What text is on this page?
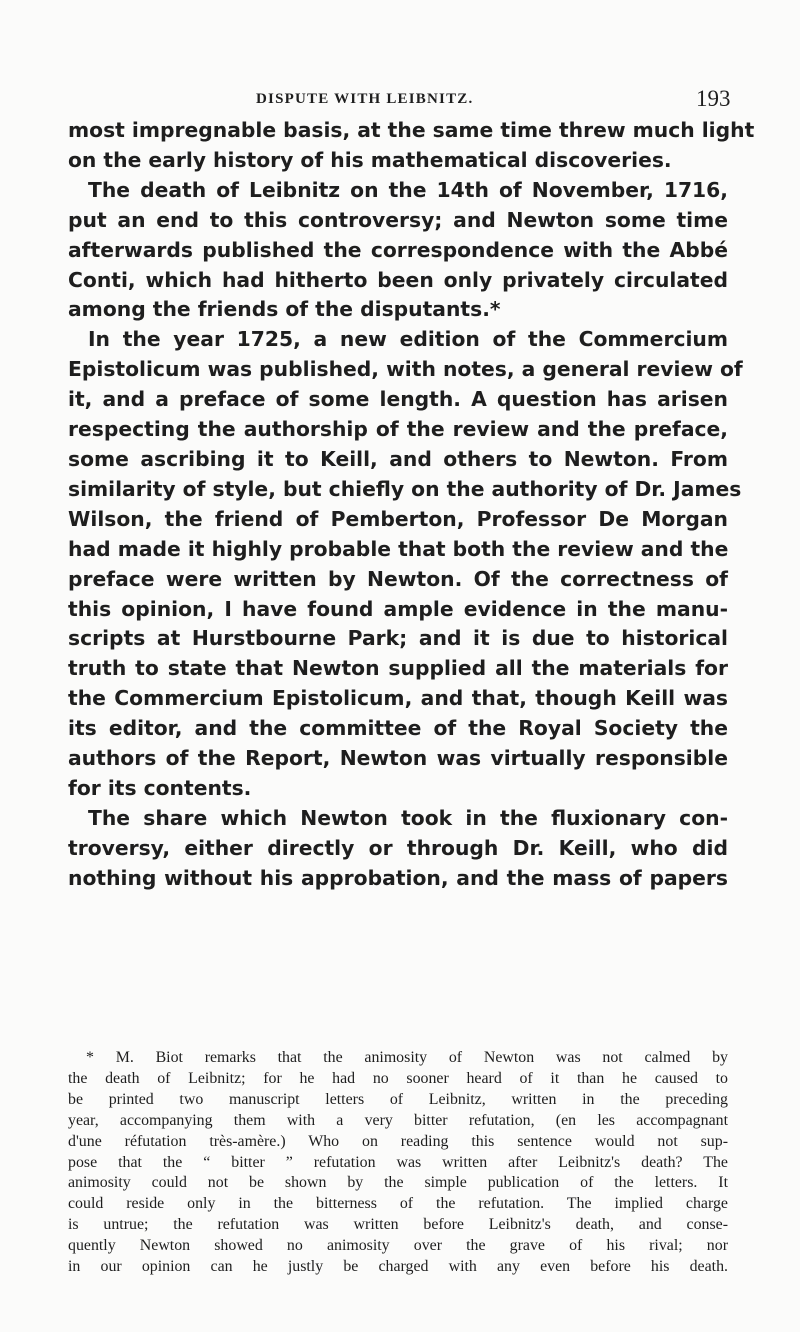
DISPUTE WITH LEIBNITZ.	193
most impregnable basis, at the same time threw much light
on the early history of his mathematical discoveries.
The death of Leibnitz on the 14th of November, 1716,
put an end to this controversy; and Newton some time
afterwards published the correspondence with the Abbé
Conti, which had hitherto been only privately circulated
among the friends of the disputants.*
In the year 1725, a new edition of the Commercium
Epistolicum was published, with notes, a general review of
it, and a preface of some length. A question has arisen
respecting the authorship of the review and the preface,
some ascribing it to Keill, and others to Newton. From
similarity of style, but chiefly on the authority of Dr. James
Wilson, the friend of Pemberton, Professor De Morgan
had made it highly probable that both the review and the
preface were written by Newton. Of the correctness of
this opinion, I have found ample evidence in the manu-
scripts at Hurstbourne Park; and it is due to historical
truth to state that Newton supplied all the materials for
the Commercium Epistolicum, and that, though Keill was
its editor, and the committee of the Royal Society the
authors of the Report, Newton was virtually responsible
for its contents.
The share which Newton took in the fluxionary con-
troversy, either directly or through Dr. Keill, who did
nothing without his approbation, and the mass of papers
* M. Biot remarks that the animosity of Newton was not calmed by
the death of Leibnitz; for he had no sooner heard of it than he caused to
be printed two manuscript letters of Leibnitz, written in the preceding
year, accompanying them with a very bitter refutation, (en les accompagnant
d'une réfutation très-amère.) Who on reading this sentence would not sup-
pose that the “ bitter ” refutation was written after Leibnitz's death? The
animosity could not be shown by the simple publication of the letters. It
could reside only in the bitterness of the refutation. The implied charge
is untrue; the refutation was written before Leibnitz's death, and conse-
quently Newton showed no animosity over the grave of his rival; nor
in our opinion can he justly be charged with any even before his death.
